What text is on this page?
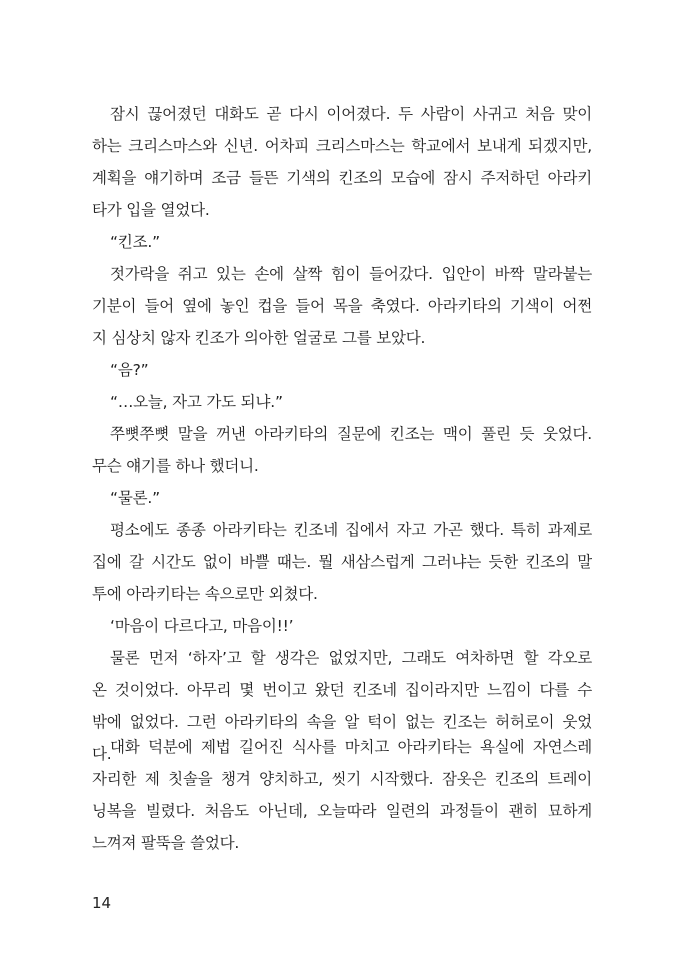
잠시 끊어졌던 대화도 곧 다시 이어졌다. 두 사람이 사귀고 처음 맞이
하는 크리스마스와 신년. 어차피 크리스마스는 학교에서 보내게 되겠지만,
계획을 얘기하며 조금 들뜬 기색의 킨조의 모습에 잠시 주저하던 아라키
타가 입을 열었다.
“킨조.”
젓가락을 쥐고 있는 손에 살짝 힘이 들어갔다. 입안이 바짝 말라붙는
기분이 들어 옆에 놓인 컵을 들어 목을 축였다. 아라키타의 기색이 어쩐
지 심상치 않자 킨조가 의아한 얼굴로 그를 보았다.
“음?”
“…오늘, 자고 가도 되냐.”
쭈뼛쭈뼛 말을 꺼낸 아라키타의 질문에 킨조는 맥이 풀린 듯 웃었다.
무슨 얘기를 하나 했더니.
“물론.”
평소에도 종종 아라키타는 킨조네 집에서 자고 가곤 했다. 특히 과제로
집에 갈 시간도 없이 바쁠 때는. 뭘 새삼스럽게 그러냐는 듯한 킨조의 말
투에 아라키타는 속으로만 외쳤다.
‘마음이 다르다고, 마음이!!’
물론 먼저 ‘하자’고 할 생각은 없었지만, 그래도 여차하면 할 각오로
온 것이었다. 아무리 몇 번이고 왔던 킨조네 집이라지만 느낌이 다를 수
밖에 없었다. 그런 아라키타의 속을 알 턱이 없는 킨조는 허허로이 웃었
다.
대화 덕분에 제법 길어진 식사를 마치고 아라키타는 욕실에 자연스레
자리한 제 칫솔을 챙겨 양치하고, 씻기 시작했다. 잠옷은 킨조의 트레이
닝복을 빌렸다. 처음도 아닌데, 오늘따라 일련의 과정들이 괜히 묘하게
느껴져 팔뚝을 쓸었다.
14
